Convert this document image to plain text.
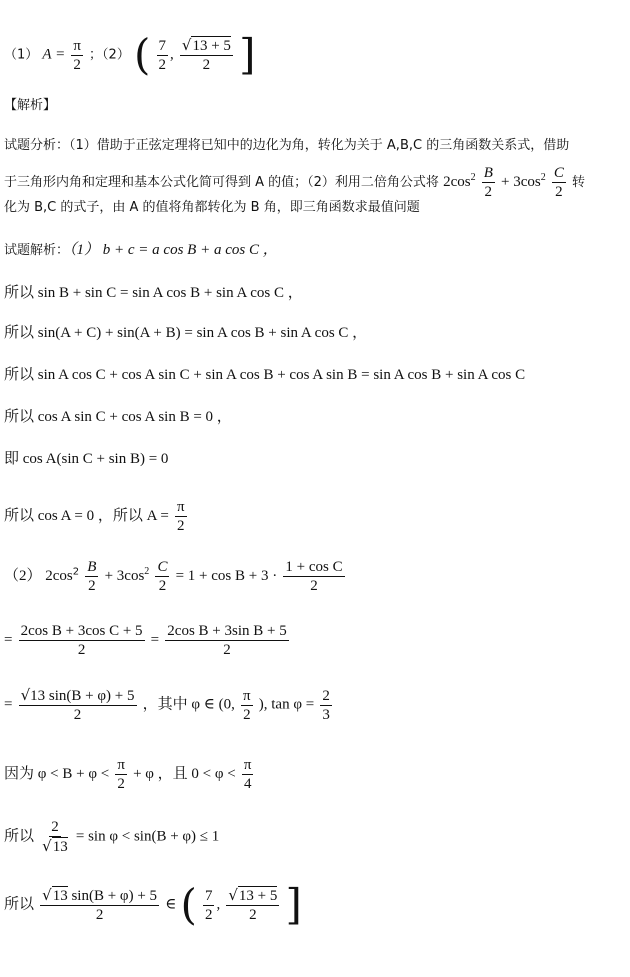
（1） $A = \frac{\pi}{2}$ ；（2） ( $\frac{7}{2}$ , $\frac{√13 + 5}{2}$ ]
【解析】
试题分析：（1）借助于正弦定理将已知中的边化为角，转化为关于 A,B,C 的三角函数关系式，借助
于三角形内角和定理和基本公式化简可得到 A 的值；（2）利用二倍角公式将 $2\cos^2 \frac{B}{2} + 3\cos^2 \frac{C}{2}$ 转
化为 B,C 的式子，由 A 的值将角都转化为 B 角，即三角函数求最值问题
试题解析：（1） b + c = a cos B + a cos C ，
所以 sin B + sin C = sin A cos B + sin A cos C ，
所以 sin(A + C) + sin(A + B) = sin A cos B + sin A cos C ，
所以 sin A cos C + cos A sin C + sin A cos B + cos A sin B = sin A cos B + sin A cos C
所以 cos A sin C + cos A sin B = 0 ，
即 cos A(sin C + sin B) = 0
所以 cos A = 0 ，所以 $A = \frac{\pi}{2}$
（2） $2\cos^2 \frac{B}{2} + 3\cos^2 \frac{C}{2} = 1 + \cos B + 3 \cdot \frac{\text{1 + cos C}}{2}$
= $\frac{\text{2cos B + 3cos C + 5}}{2} = \frac{\text{2cos B + 3sin B + 5}}{2}$
= $\frac{√13 \sin(B + \varphi) + 5}{2}$ ，其中 φ ∈ (0, $\frac{\pi}{2}$ ), $\tan \varphi = \frac{2}{3}$
因为 $\varphi < B + \varphi < \frac{\pi}{2} + \varphi$ ，且 $0 < \varphi < \frac{\pi}{4}$
所以 $\frac{2}{√13} = \sin \varphi < \sin(B + \varphi) \le 1$
所以 $\frac{√13 \sin(B + \varphi) + 5}{2}$ ∈ ( $\frac{7}{2}$ , $\frac{√13 + 5}{2}$ ]
